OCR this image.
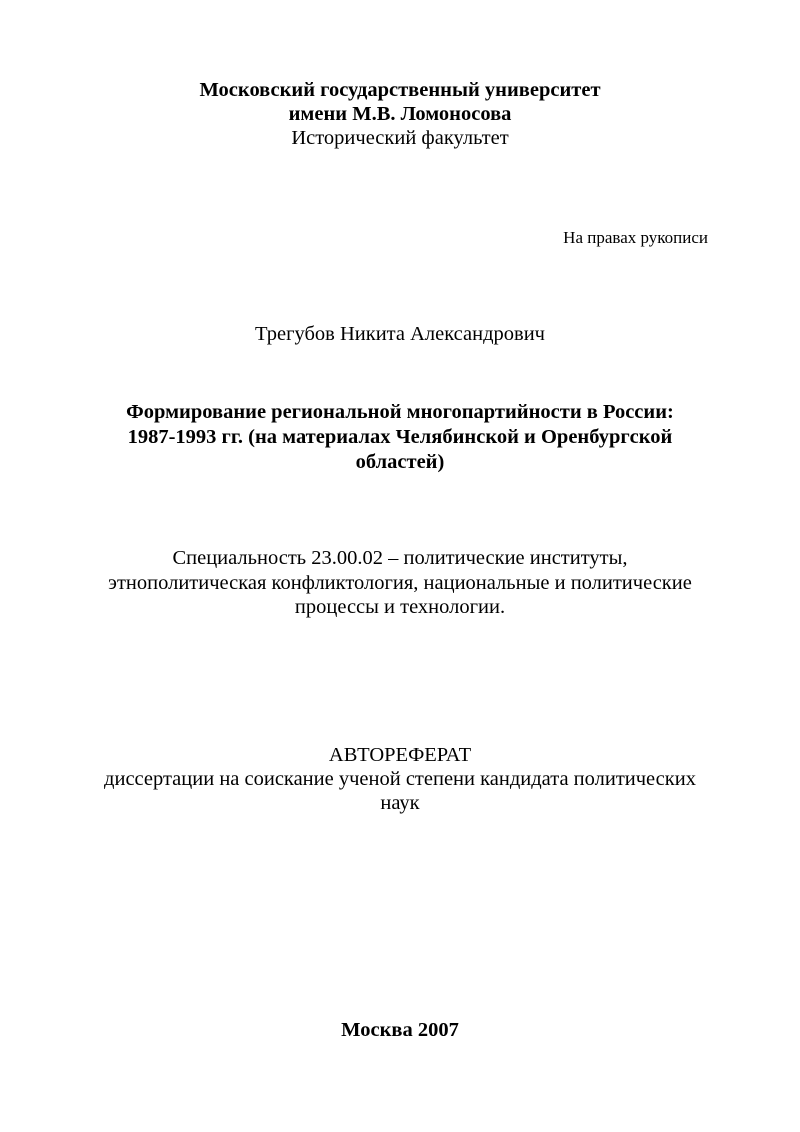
Московский государственный университет
имени М.В. Ломоносова
Исторический факультет
На правах рукописи
Трегубов Никита Александрович
Формирование региональной многопартийности в России:
1987-1993 гг. (на материалах Челябинской и Оренбургской
областей)
Специальность 23.00.02 – политические институты,
этнополитическая конфликтология, национальные и политические
процессы и технологии.
АВТОРЕФЕРАТ
диссертации на соискание ученой степени кандидата политических
наук
Москва 2007
